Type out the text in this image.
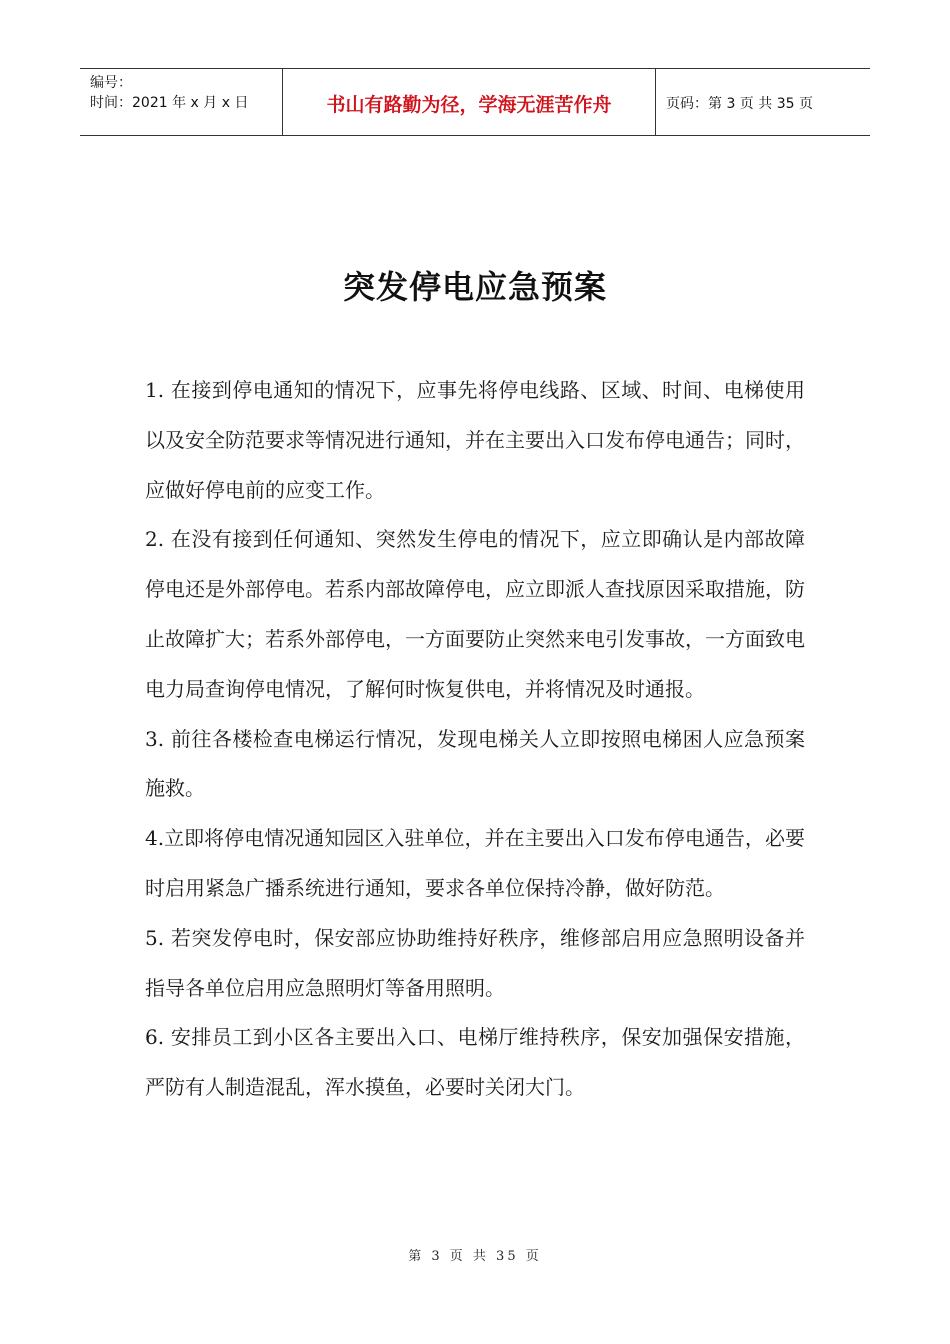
编号：
时间：2021 年 x 月 x 日	书山有路勤为径，学海无涯苦作舟	页码：第 3 页 共 35 页
突发停电应急预案

1. 在接到停电通知的情况下，应事先将停电线路、区域、时间、电梯使用以及安全防范要求等情况进行通知，并在主要出入口发布停电通告；同时，应做好停电前的应变工作。

2. 在没有接到任何通知、突然发生停电的情况下，应立即确认是内部故障停电还是外部停电。若系内部故障停电，应立即派人查找原因采取措施，防止故障扩大；若系外部停电，一方面要防止突然来电引发事故，一方面致电电力局查询停电情况，了解何时恢复供电，并将情况及时通报。

3. 前往各楼检查电梯运行情况，发现电梯关人立即按照电梯困人应急预案施救。

4.立即将停电情况通知园区入驻单位，并在主要出入口发布停电通告，必要时启用紧急广播系统进行通知，要求各单位保持冷静，做好防范。

5. 若突发停电时，保安部应协助维持好秩序，维修部启用应急照明设备并指导各单位启用应急照明灯等备用照明。

6. 安排员工到小区各主要出入口、电梯厅维持秩序，保安加强保安措施，严防有人制造混乱，浑水摸鱼，必要时关闭大门。

第 3 页 共 35 页
